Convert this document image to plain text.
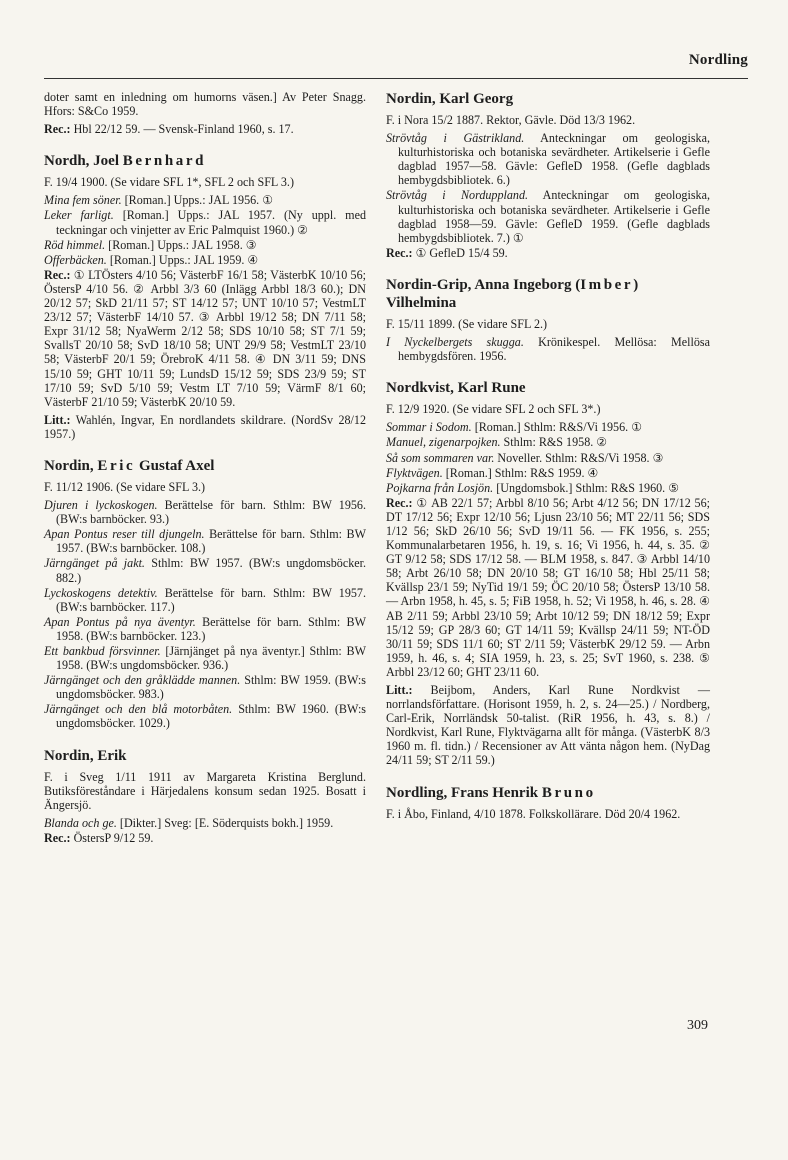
Nordling

doter samt en inledning om humorns väsen.] Av Peter Snagg. Hfors: S&Co 1959.

Rec.: Hbl 22/12 59. — Svensk-Finland 1960, s. 17.

Nordh, Joel Bernhard

F. 19/4 1900. (Se vidare SFL 1*, SFL 2 och SFL 3.)

Mina fem söner. [Roman.] Upps.: JAL 1956. ①

Leker farligt. [Roman.] Upps.: JAL 1957. (Ny uppl. med teckningar och vinjetter av Eric Palmquist 1960.) ②

Röd himmel. [Roman.] Upps.: JAL 1958. ③

Offerbäcken. [Roman.] Upps.: JAL 1959. ④

Rec.: ① LTÖsters 4/10 56; VästerbF 16/1 58; VästerbK 10/10 56; ÖstersP 4/10 56. ② Arbbl 3/3 60 (Inlägg Arbbl 18/3 60.); DN 20/12 57; SkD 21/11 57; ST 14/12 57; UNT 10/10 57; VestmLT 23/12 57; VästerbF 14/10 57. ③ Arbbl 19/12 58; DN 7/11 58; Expr 31/12 58; NyaWerm 2/12 58; SDS 10/10 58; ST 7/1 59; SvallsT 20/10 58; SvD 18/10 58; UNT 29/9 58; VestmLT 23/10 58; VästerbF 20/1 59; ÖrebroK 4/11 58. ④ DN 3/11 59; DNS 15/10 59; GHT 10/11 59; LundsD 15/12 59; SDS 23/9 59; ST 17/10 59; SvD 5/10 59; Vestm LT 7/10 59; VärmF 8/1 60; VästerbF 21/10 59; VästerbK 20/10 59.

Litt.: Wahlén, Ingvar, En nordlandets skildrare. (NordSv 28/12 1957.)

Nordin, Eric Gustaf Axel

F. 11/12 1906. (Se vidare SFL 3.)

Djuren i lyckoskogen. Berättelse för barn. Sthlm: BW 1956. (BW:s barnböcker. 93.)

Apan Pontus reser till djungeln. Berättelse för barn. Sthlm: BW 1957. (BW:s barnböcker. 108.)

Järngänget på jakt. Sthlm: BW 1957. (BW:s ungdomsböcker. 882.)

Lyckoskogens detektiv. Berättelse för barn. Sthlm: BW 1957. (BW:s barnböcker. 117.)

Apan Pontus på nya äventyr. Berättelse för barn. Sthlm: BW 1958. (BW:s barnböcker. 123.)

Ett bankbud försvinner. [Järnjänget på nya äventyr.] Sthlm: BW 1958. (BW:s ungdomsböcker. 936.)

Järngänget och den gråklädde mannen. Sthlm: BW 1959. (BW:s ungdomsböcker. 983.)

Järngänget och den blå motorbåten. Sthlm: BW 1960. (BW:s ungdomsböcker. 1029.)

Nordin, Erik

F. i Sveg 1/11 1911 av Margareta Kristina Berglund. Butiksföreståndare i Härjedalens konsum sedan 1925. Bosatt i Ängersjö.

Blanda och ge. [Dikter.] Sveg: [E. Söderquists bokh.] 1959.

Rec.: ÖstersP 9/12 59.

Nordin, Karl Georg

F. i Nora 15/2 1887. Rektor, Gävle. Död 13/3 1962.

Strövtåg i Gästrikland. Anteckningar om geologiska, kulturhistoriska och botaniska sevärdheter. Artikelserie i Gefle dagblad 1957—58. Gävle: GefleD 1958. (Gefle dagblads hembygdsbibliotek. 6.)

Strövtåg i Norduppland. Anteckningar om geologiska, kulturhistoriska och botaniska sevärdheter. Artikelserie i Gefle dagblad 1958—59. Gävle: GefleD 1959. (Gefle dagblads hembygdsbibliotek. 7.) ①

Rec.: ① GefleD 15/4 59.

Nordin-Grip, Anna Ingeborg (Imber) Vilhelmina

F. 15/11 1899. (Se vidare SFL 2.)

I Nyckelbergets skugga. Krönikespel. Mellösa: Mellösa hembygdsfören. 1956.

Nordkvist, Karl Rune

F. 12/9 1920. (Se vidare SFL 2 och SFL 3*.)

Sommar i Sodom. [Roman.] Sthlm: R&S/Vi 1956. ①

Manuel, zigenarpojken. Sthlm: R&S 1958. ②

Så som sommaren var. Noveller. Sthlm: R&S/Vi 1958. ③

Flyktvägen. [Roman.] Sthlm: R&S 1959. ④

Pojkarna från Losjön. [Ungdomsbok.] Sthlm: R&S 1960. ⑤

Rec.: ① AB 22/1 57; Arbbl 8/10 56; Arbt 4/12 56; DN 17/12 56; DT 17/12 56; Expr 12/10 56; Ljusn 23/10 56; MT 22/11 56; SDS 1/12 56; SkD 26/10 56; SvD 19/11 56. — FK 1956, s. 255; Kommunalarbetaren 1956, h. 19, s. 16; Vi 1956, h. 44, s. 35. ② GT 9/12 58; SDS 17/12 58. — BLM 1958, s. 847. ③ Arbbl 14/10 58; Arbt 26/10 58; DN 20/10 58; GT 16/10 58; Hbl 25/11 58; Kvällsp 23/1 59; NyTid 19/1 59; ÖC 20/10 58; ÖstersP 13/10 58. — Arbn 1958, h. 45, s. 5; FiB 1958, h. 52; Vi 1958, h. 46, s. 28. ④ AB 2/11 59; Arbbl 23/10 59; Arbt 10/12 59; DN 18/12 59; Expr 15/12 59; GP 28/3 60; GT 14/11 59; Kvällsp 24/11 59; NT-ÖD 30/11 59; SDS 11/1 60; ST 2/11 59; VästerbK 29/12 59. — Arbn 1959, h. 46, s. 4; SIA 1959, h. 23, s. 25; SvT 1960, s. 238. ⑤ Arbbl 23/12 60; GHT 23/11 60.

Litt.: Beijbom, Anders, Karl Rune Nordkvist — norrlandsförfattare. (Horisont 1959, h. 2, s. 24—25.) / Nordberg, Carl-Erik, Norrländsk 50-talist. (RiR 1956, h. 43, s. 8.) / Nordkvist, Karl Rune, Flyktvägarna allt för många. (VästerbK 8/3 1960 m. fl. tidn.) / Recensioner av Att vänta någon hem. (NyDag 24/11 59; ST 2/11 59.)

Nordling, Frans Henrik Bruno

F. i Åbo, Finland, 4/10 1878. Folkskollärare. Död 20/4 1962.

309
